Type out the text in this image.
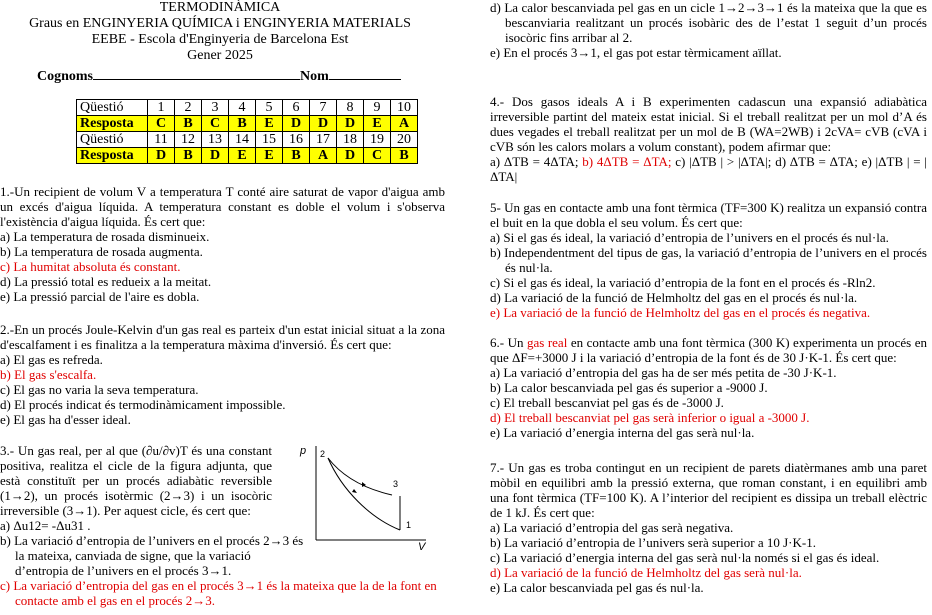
TERMODINÀMICA
Graus en ENGINYERIA QUÍMICA i ENGINYERIA MATERIALS
EEBE - Escola d'Enginyeria de Barcelona Est
Gener 2025
Cognoms	Nom
Qüestió	1	2	3	4	5	6	7	8	9	10
Resposta	C	B	C	B	E	D	D	D	E	A
Qüestió	11	12	13	14	15	16	17	18	19	20
Resposta	D	B	D	E	E	B	A	D	C	B

1.-Un recipient de volum V a temperatura T conté aire saturat de vapor d'aigua amb un excés d'aigua líquida. A temperatura constant es doble el volum i s'observa l'existència d'aigua líquida. És cert que:

a) La temperatura de rosada disminueix.
b) La temperatura de rosada augmenta.
c) La humitat absoluta és constant.
d) La pressió total es redueix a la meitat.
e) La pressió parcial de l'aire es dobla.

2.-En un procés Joule-Kelvin d'un gas real es parteix d'un estat inicial situat a la zona d'escalfament i es finalitza a la temperatura màxima d'inversió. És cert que:

a) El gas es refreda.
b) El gas s'escalfa.
c) El gas no varia la seva temperatura.
d) El procés indicat és termodinàmicament impossible.
e) El gas ha d'esser ideal.

3.- Un gas real, per al que (∂u/∂v)T és una constant positiva, realitza el cicle de la figura adjunta, que està constituït per un procés adiabàtic reversible (1→2), un procés isotèrmic (2→3) i un isocòric irreversible (3→1). Per aquest cicle, és cert que:

a) Δu12= -Δu31 .
b) La variació d’entropia de l’univers en el procés 2→3 és la mateixa, canviada de signe, que la variació d’entropia de l’univers en el procés 3→1.
c) La variació d’entropia del gas en el procés 3→1 és la mateixa que la de la font en contacte amb el gas en el procés 2→3.
p
V
2
3
1
d) La calor bescanviada pel gas en un cicle 1→2→3→1 és la mateixa que la que es bescanviaria realitzant un procés isobàric des de l’estat 1 seguit d’un procés isocòric fins arribar al 2.
e) En el procés 3→1, el gas pot estar tèrmicament aïllat.

4.- Dos gasos ideals A i B experimenten cadascun una expansió adiabàtica irreversible partint del mateix estat inicial. Si el treball realitzat per un mol d’A és dues vegades el treball realitzat per un mol de B (WA=2WB) i 2cVA= cVB (cVA i cVB són les calors molars a volum constant), podem afirmar que:

a) ΔTB = 4ΔTA; b) 4ΔTB = ΔTA; c) |ΔTB | > |ΔTA|; d) ΔTB = ΔTA; e) |ΔTB | = |ΔTA|

5- Un gas en contacte amb una font tèrmica (TF=300 K) realitza un expansió contra el buit en la que dobla el seu volum. És cert que:

a) Si el gas és ideal, la variació d’entropia de l’univers en el procés és nul·la.
b) Independentment del tipus de gas, la variació d’entropia de l’univers en el procés és nul·la.
c) Si el gas és ideal, la variació d’entropia de la font en el procés és -Rln2.
d) La variació de la funció de Helmholtz del gas en el procés és nul·la.
e) La variació de la funció de Helmholtz del gas en el procés és negativa.

6.- Un gas real en contacte amb una font tèrmica (300 K) experimenta un procés en que ΔF=+3000 J i la variació d’entropia de la font és de 30 J·K-1. És cert que:

a) La variació d’entropia del gas ha de ser més petita de -30 J·K-1.
b) La calor bescanviada pel gas és superior a -9000 J.
c) El treball bescanviat pel gas és de -3000 J.
d) El treball bescanviat pel gas serà inferior o igual a -3000 J.
e) La variació d’energia interna del gas serà nul·la.

7.- Un gas es troba contingut en un recipient de parets diatèrmanes amb una paret mòbil en equilibri amb la pressió externa, que roman constant, i en equilibri amb una font tèrmica (TF=100 K). A l’interior del recipient es dissipa un treball elèctric de 1 kJ. És cert que:

a) La variació d’entropia del gas serà negativa.
b) La variació d’entropia de l’univers serà superior a 10 J·K-1.
c) La variació d’energia interna del gas serà nul·la només si el gas és ideal.
d) La variació de la funció de Helmholtz del gas serà nul·la.
e) La calor bescanviada pel gas és nul·la.
